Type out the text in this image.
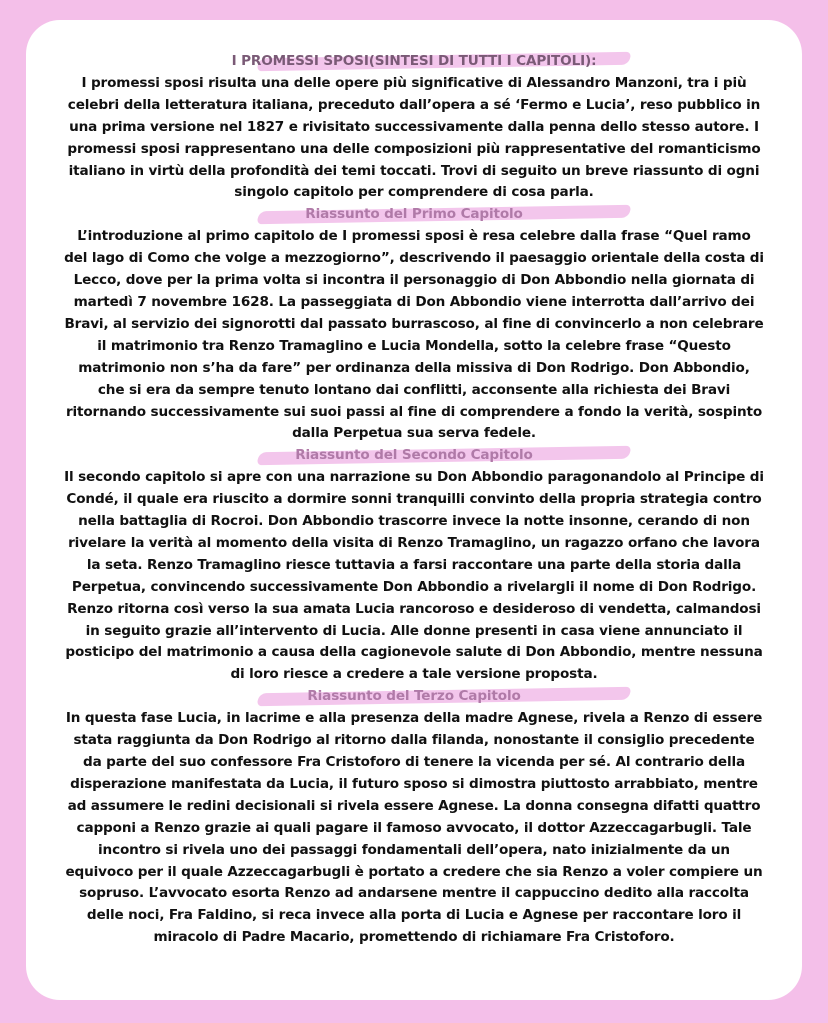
I PROMESSI SPOSI(SINTESI DI TUTTI I CAPITOLI):

I promessi sposi risulta una delle opere più significative di Alessandro Manzoni, tra i più celebri della letteratura italiana, preceduto dall’opera a sé ‘Fermo e Lucia’, reso pubblico in una prima versione nel 1827 e rivisitato successivamente dalla penna dello stesso autore. I promessi sposi rappresentano una delle composizioni più rappresentative del romanticismo italiano in virtù della profondità dei temi toccati. Trovi di seguito un breve riassunto di ogni singolo capitolo per comprendere di cosa parla.

Riassunto del Primo Capitolo

L’introduzione al primo capitolo de I promessi sposi è resa celebre dalla frase “Quel ramo del lago di Como che volge a mezzogiorno”, descrivendo il paesaggio orientale della costa di Lecco, dove per la prima volta si incontra il personaggio di Don Abbondio nella giornata di martedì 7 novembre 1628. La passeggiata di Don Abbondio viene interrotta dall’arrivo dei Bravi, al servizio dei signorotti dal passato burrascoso, al fine di convincerlo a non celebrare il matrimonio tra Renzo Tramaglino e Lucia Mondella, sotto la celebre frase “Questo matrimonio non s’ha da fare” per ordinanza della missiva di Don Rodrigo. Don Abbondio, che si era da sempre tenuto lontano dai conflitti, acconsente alla richiesta dei Bravi ritornando successivamente sui suoi passi al fine di comprendere a fondo la verità, sospinto dalla Perpetua sua serva fedele.

Riassunto del Secondo Capitolo

Il secondo capitolo si apre con una narrazione su Don Abbondio paragonandolo al Principe di Condé, il quale era riuscito a dormire sonni tranquilli convinto della propria strategia contro nella battaglia di Rocroi. Don Abbondio trascorre invece la notte insonne, cerando di non rivelare la verità al momento della visita di Renzo Tramaglino, un ragazzo orfano che lavora la seta. Renzo Tramaglino riesce tuttavia a farsi raccontare una parte della storia dalla Perpetua, convincendo successivamente Don Abbondio a rivelargli il nome di Don Rodrigo. Renzo ritorna così verso la sua amata Lucia rancoroso e desideroso di vendetta, calmandosi in seguito grazie all’intervento di Lucia. Alle donne presenti in casa viene annunciato il posticipo del matrimonio a causa della cagionevole salute di Don Abbondio, mentre nessuna di loro riesce a credere a tale versione proposta.

Riassunto del Terzo Capitolo

In questa fase Lucia, in lacrime e alla presenza della madre Agnese, rivela a Renzo di essere stata raggiunta da Don Rodrigo al ritorno dalla filanda, nonostante il consiglio precedente da parte del suo confessore Fra Cristoforo di tenere la vicenda per sé. Al contrario della disperazione manifestata da Lucia, il futuro sposo si dimostra piuttosto arrabbiato, mentre ad assumere le redini decisionali si rivela essere Agnese. La donna consegna difatti quattro capponi a Renzo grazie ai quali pagare il famoso avvocato, il dottor Azzeccagarbugli. Tale incontro si rivela uno dei passaggi fondamentali dell’opera, nato inizialmente da un equivoco per il quale Azzeccagarbugli è portato a credere che sia Renzo a voler compiere un sopruso. L’avvocato esorta Renzo ad andarsene mentre il cappuccino dedito alla raccolta delle noci, Fra Faldino, si reca invece alla porta di Lucia e Agnese per raccontare loro il miracolo di Padre Macario, promettendo di richiamare Fra Cristoforo.
